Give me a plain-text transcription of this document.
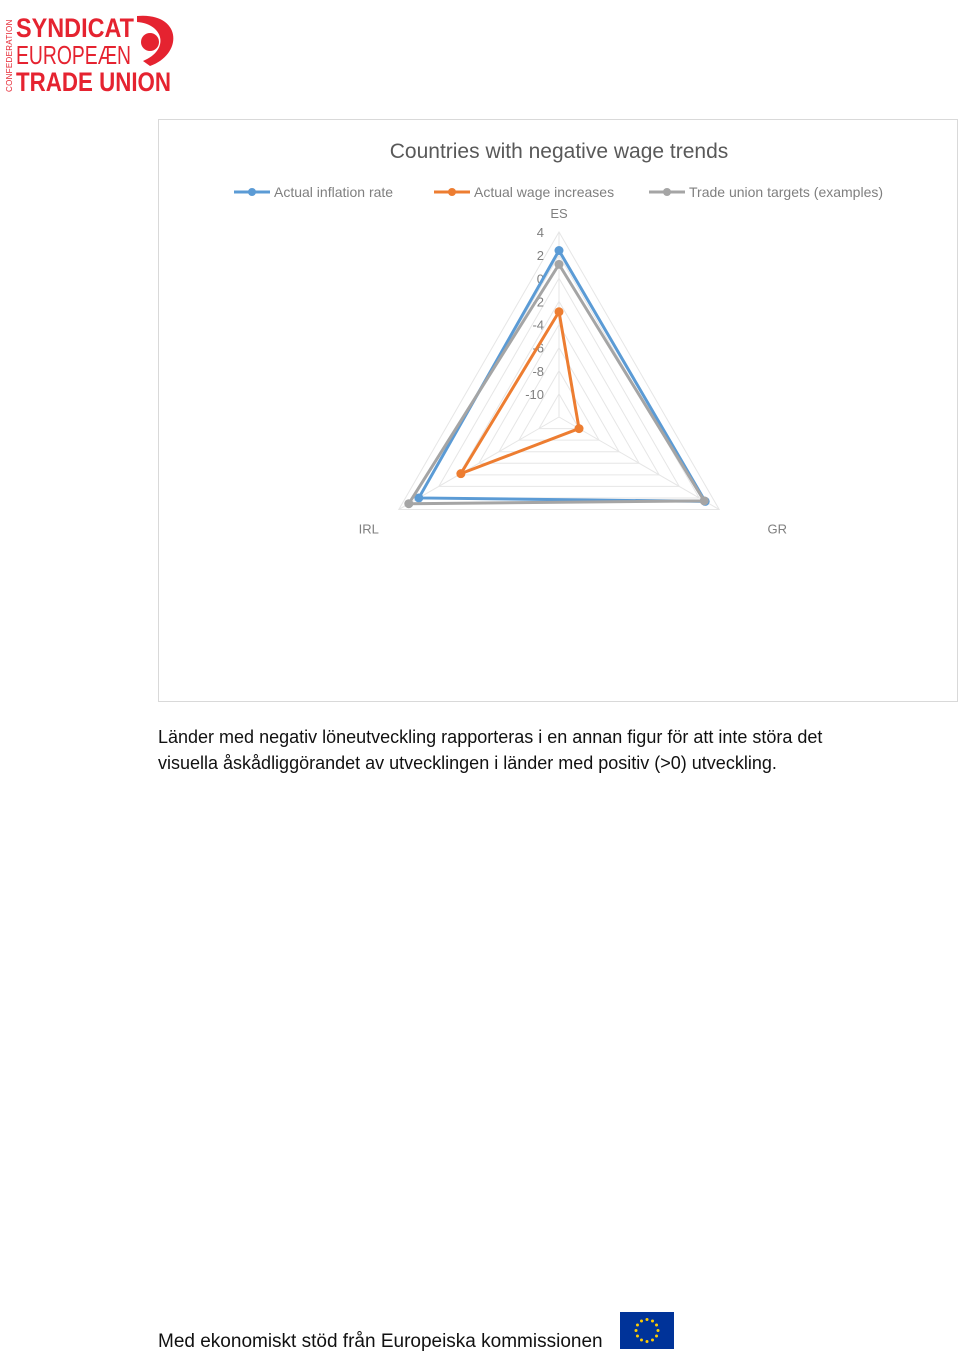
CONFEDERATION SYNDICAT
EUROPEÆN
TRADE UNION
Countries with negative wage trends
Actual inflation rate	Actual wage increases	Trade union targets (examples)
ES
GR
IRL
4
2
0
-2
-4
-6
-8
-10

Länder med negativ löneutveckling rapporteras i en annan figur för att inte störa det

visuella åskådliggörandet av utvecklingen i länder med positiv (>0) utveckling.

Med ekonomiskt stöd från Europeiska kommissionen
